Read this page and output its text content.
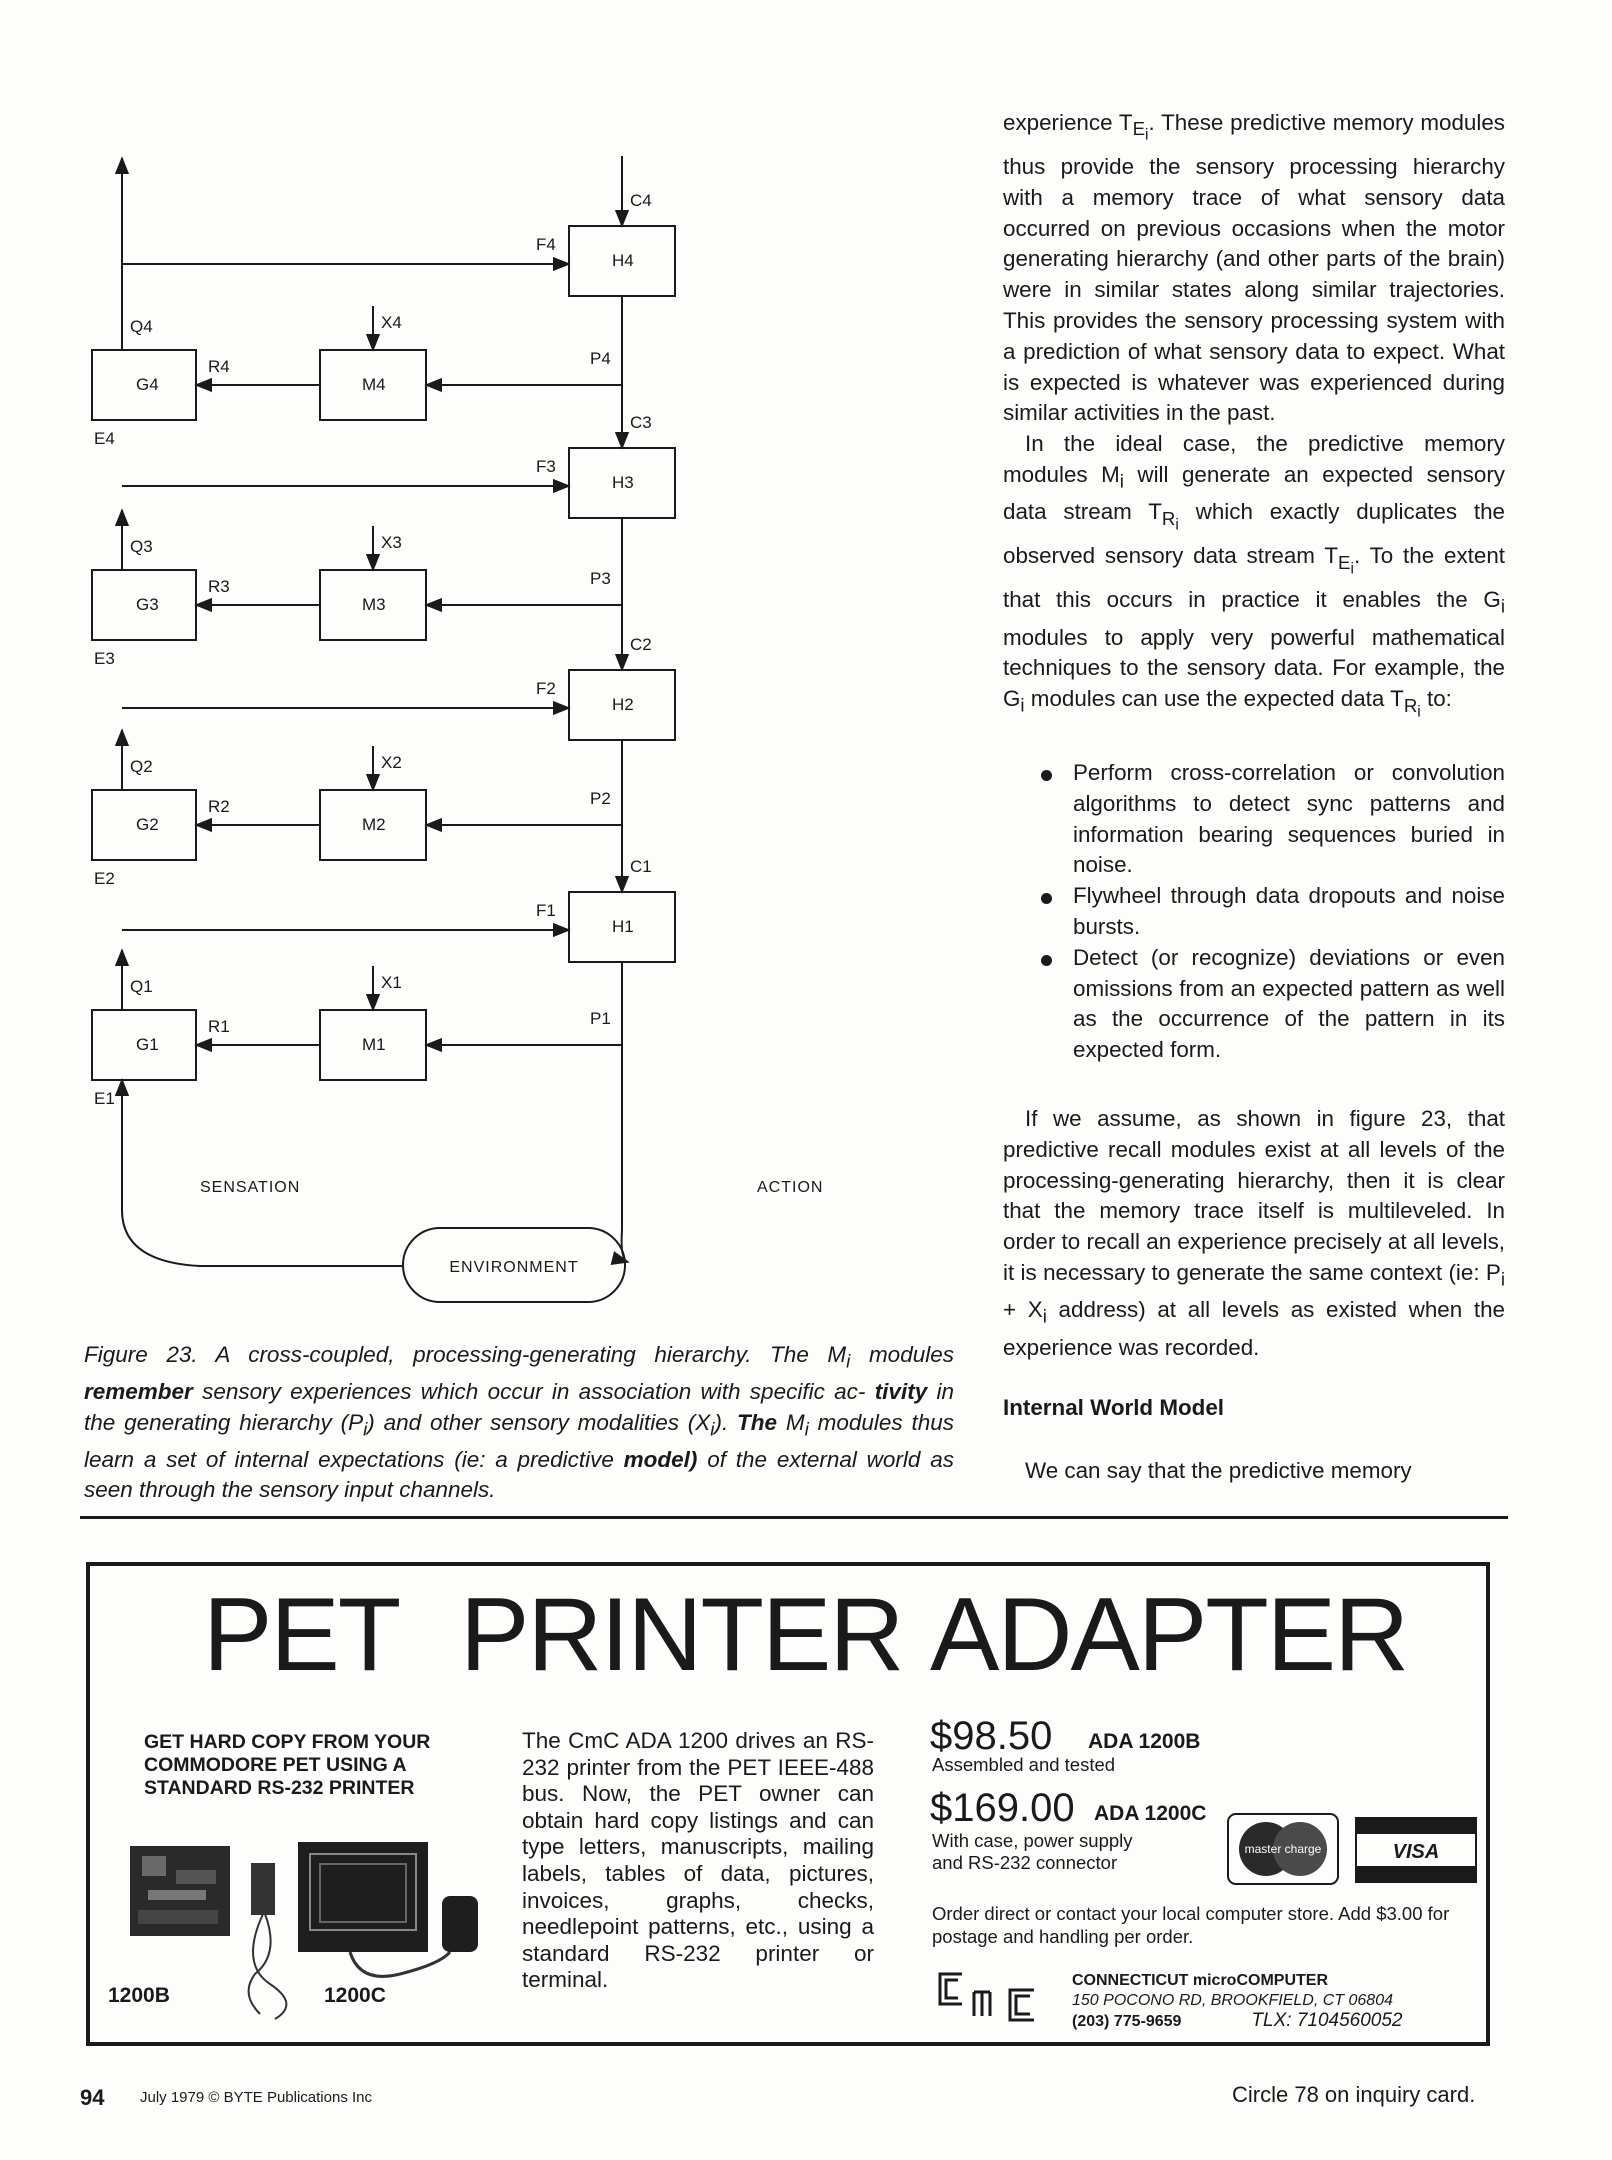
G4	M4
H4
Q4
F4
R4	P4
X4
C4
E4
G3	M3
H3
Q3
F3
R3	P3
X3
C3
E3
G2	M2
H2
Q2
F2
R2	P2
X2
C2
E2
G1	M1
H1
Q1
F1
R1	P1
X1
C1
E1
ENVIRONMENT
SENSATION	ACTION
Figure 23. A cross-coupled, processing-generating hierarchy. The $M_i$ modules remember sensory experiences which occur in association with specific ac- tivity in the generating hierarchy $(P_i)$ and other sensory modalities $(X_i)$. The $M_i$ modules thus learn a set of internal expectations (ie: a predictive model) of the external world as seen through the sensory input channels.

experience $T_{E_i}$. These predictive memory modules thus provide the sensory processing hierarchy with a memory trace of what sensory data occurred on previous occasions when the motor generating hierarchy (and other parts of the brain) were in similar states along similar trajectories. This provides the sensory processing system with a prediction of what sensory data to expect. What is expected is whatever was experienced during similar activities in the past.

In the ideal case, the predictive memory modules $M_i$ will generate an expected sensory data stream $T_{R_i}$ which exactly duplicates the observed sensory data stream $T_{E_i}$. To the extent that this occurs in practice it enables the $G_i$ modules to apply very powerful mathematical techniques to the sensory data. For example, the $G_i$ modules can use the expected data $T_{R_i}$ to:

Perform cross-correlation or convolution algorithms to detect sync patterns and information bearing sequences buried in noise.
Flywheel through data dropouts and noise bursts.
Detect (or recognize) deviations or even omissions from an expected pattern as well as the occurrence of the pattern in its expected form.

If we assume, as shown in figure 23, that predictive recall modules exist at all levels of the processing-generating hierarchy, then it is clear that the memory trace itself is multileveled. In order to recall an experience precisely at all levels, it is necessary to generate the same context (ie: $P_i + X_i$ address) at all levels as existed when the experience was recorded.

Internal World Model

We can say that the predictive memory

PET PRINTER ADAPTER
GET HARD COPY FROM YOUR COMMODORE PET USING A STANDARD RS-232 PRINTER
1200B	1200C
The CmC ADA 1200 drives an RS-232 printer from the PET IEEE-488 bus. Now, the PET owner can obtain hard copy listings and can type letters, manuscripts, mailing labels, tables of data, pictures, invoices, graphs, checks, needlepoint patterns, etc., using a standard RS-232 printer or terminal.
$98.50 ADA 1200B
Assembled and tested
$169.00 ADA 1200C
With case, power supply
and RS-232 connector
master charge	VISA
Order direct or contact your local computer store. Add $3.00 for postage and handling per order.
CONNECTICUT microCOMPUTER
150 POCONO RD, BROOKFIELD, CT 06804
(203) 775-9659	TLX: 7104560052
94 July 1979 © BYTE Publications Inc	Circle 78 on inquiry card.
